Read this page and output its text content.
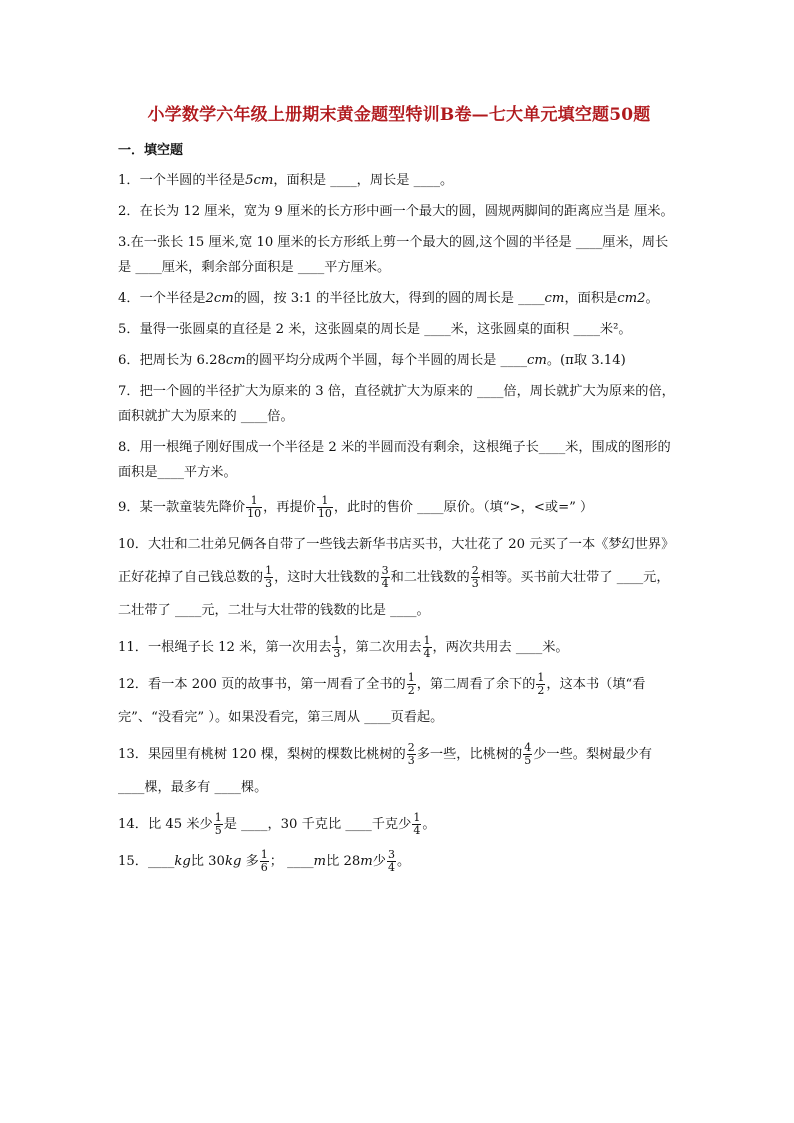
小学数学六年级上册期末黄金题型特训B卷—七大单元填空题50题
一．填空题
1．一个半圆的半径是5cm，面积是 ____，周长是 ____。
2．在长为 12 厘米，宽为 9 厘米的长方形中画一个最大的圆，圆规两脚间的距离应当是 厘米。
3.在一张长 15 厘米,宽 10 厘米的长方形纸上剪一个最大的圆,这个圆的半径是 ____厘米，周长是 ____厘米，剩余部分面积是 ____平方厘米。
4．一个半径是2cm的圆，按 3:1 的半径比放大，得到的圆的周长是 ____cm，面积是cm2。
5．量得一张圆桌的直径是 2 米，这张圆桌的周长是 ____米，这张圆桌的面积 ____米²。
6．把周长为 6.28cm的圆平均分成两个半圆，每个半圆的周长是 ____cm。(π取 3.14)
7．把一个圆的半径扩大为原来的 3 倍，直径就扩大为原来的 ____倍，周长就扩大为原来的倍，面积就扩大为原来的 ____倍。
8．用一根绳子刚好围成一个半径是 2 米的半圆而没有剩余，这根绳子长____米，围成的图形的面积是____平方米。
9．某一款童装先降价 $\frac{1}{10}$ ，再提价 $\frac{1}{10}$ ，此时的售价 ____原价。（填“>，<或=” ）
10．大壮和二壮弟兄俩各自带了一些钱去新华书店买书，大壮花了 20 元买了一本《梦幻世界》正好花掉了自己钱总数的 $\frac{1}{3}$ ，这时大壮钱数的 $\frac{3}{4}$ 和二壮钱数的 $\frac{2}{3}$ 相等。买书前大壮带了 ____元，二壮带了 ____元，二壮与大壮带的钱数的比是 ____。
11．一根绳子长 12 米，第一次用去 $\frac{1}{3}$ ，第二次用去 $\frac{1}{4}$ ，两次共用去 ____米。
12．看一本 200 页的故事书，第一周看了全书的 $\frac{1}{2}$ ，第二周看了余下的 $\frac{1}{2}$ ，这本书（填“看完”、“没看完” ）。如果没看完，第三周从 ____页看起。
13．果园里有桃树 120 棵，梨树的棵数比桃树的 $\frac{2}{3}$ 多一些，比桃树的 $\frac{4}{5}$ 少一些。梨树最少有 ____棵，最多有 ____棵。
14．比 45 米少 $\frac{1}{5}$ 是 ____，30 千克比 ____千克少 $\frac{1}{4}$ 。
15．____kg比 30kg 多 $\frac{1}{6}$ ； ____m比 28m少 $\frac{3}{4}$ 。
